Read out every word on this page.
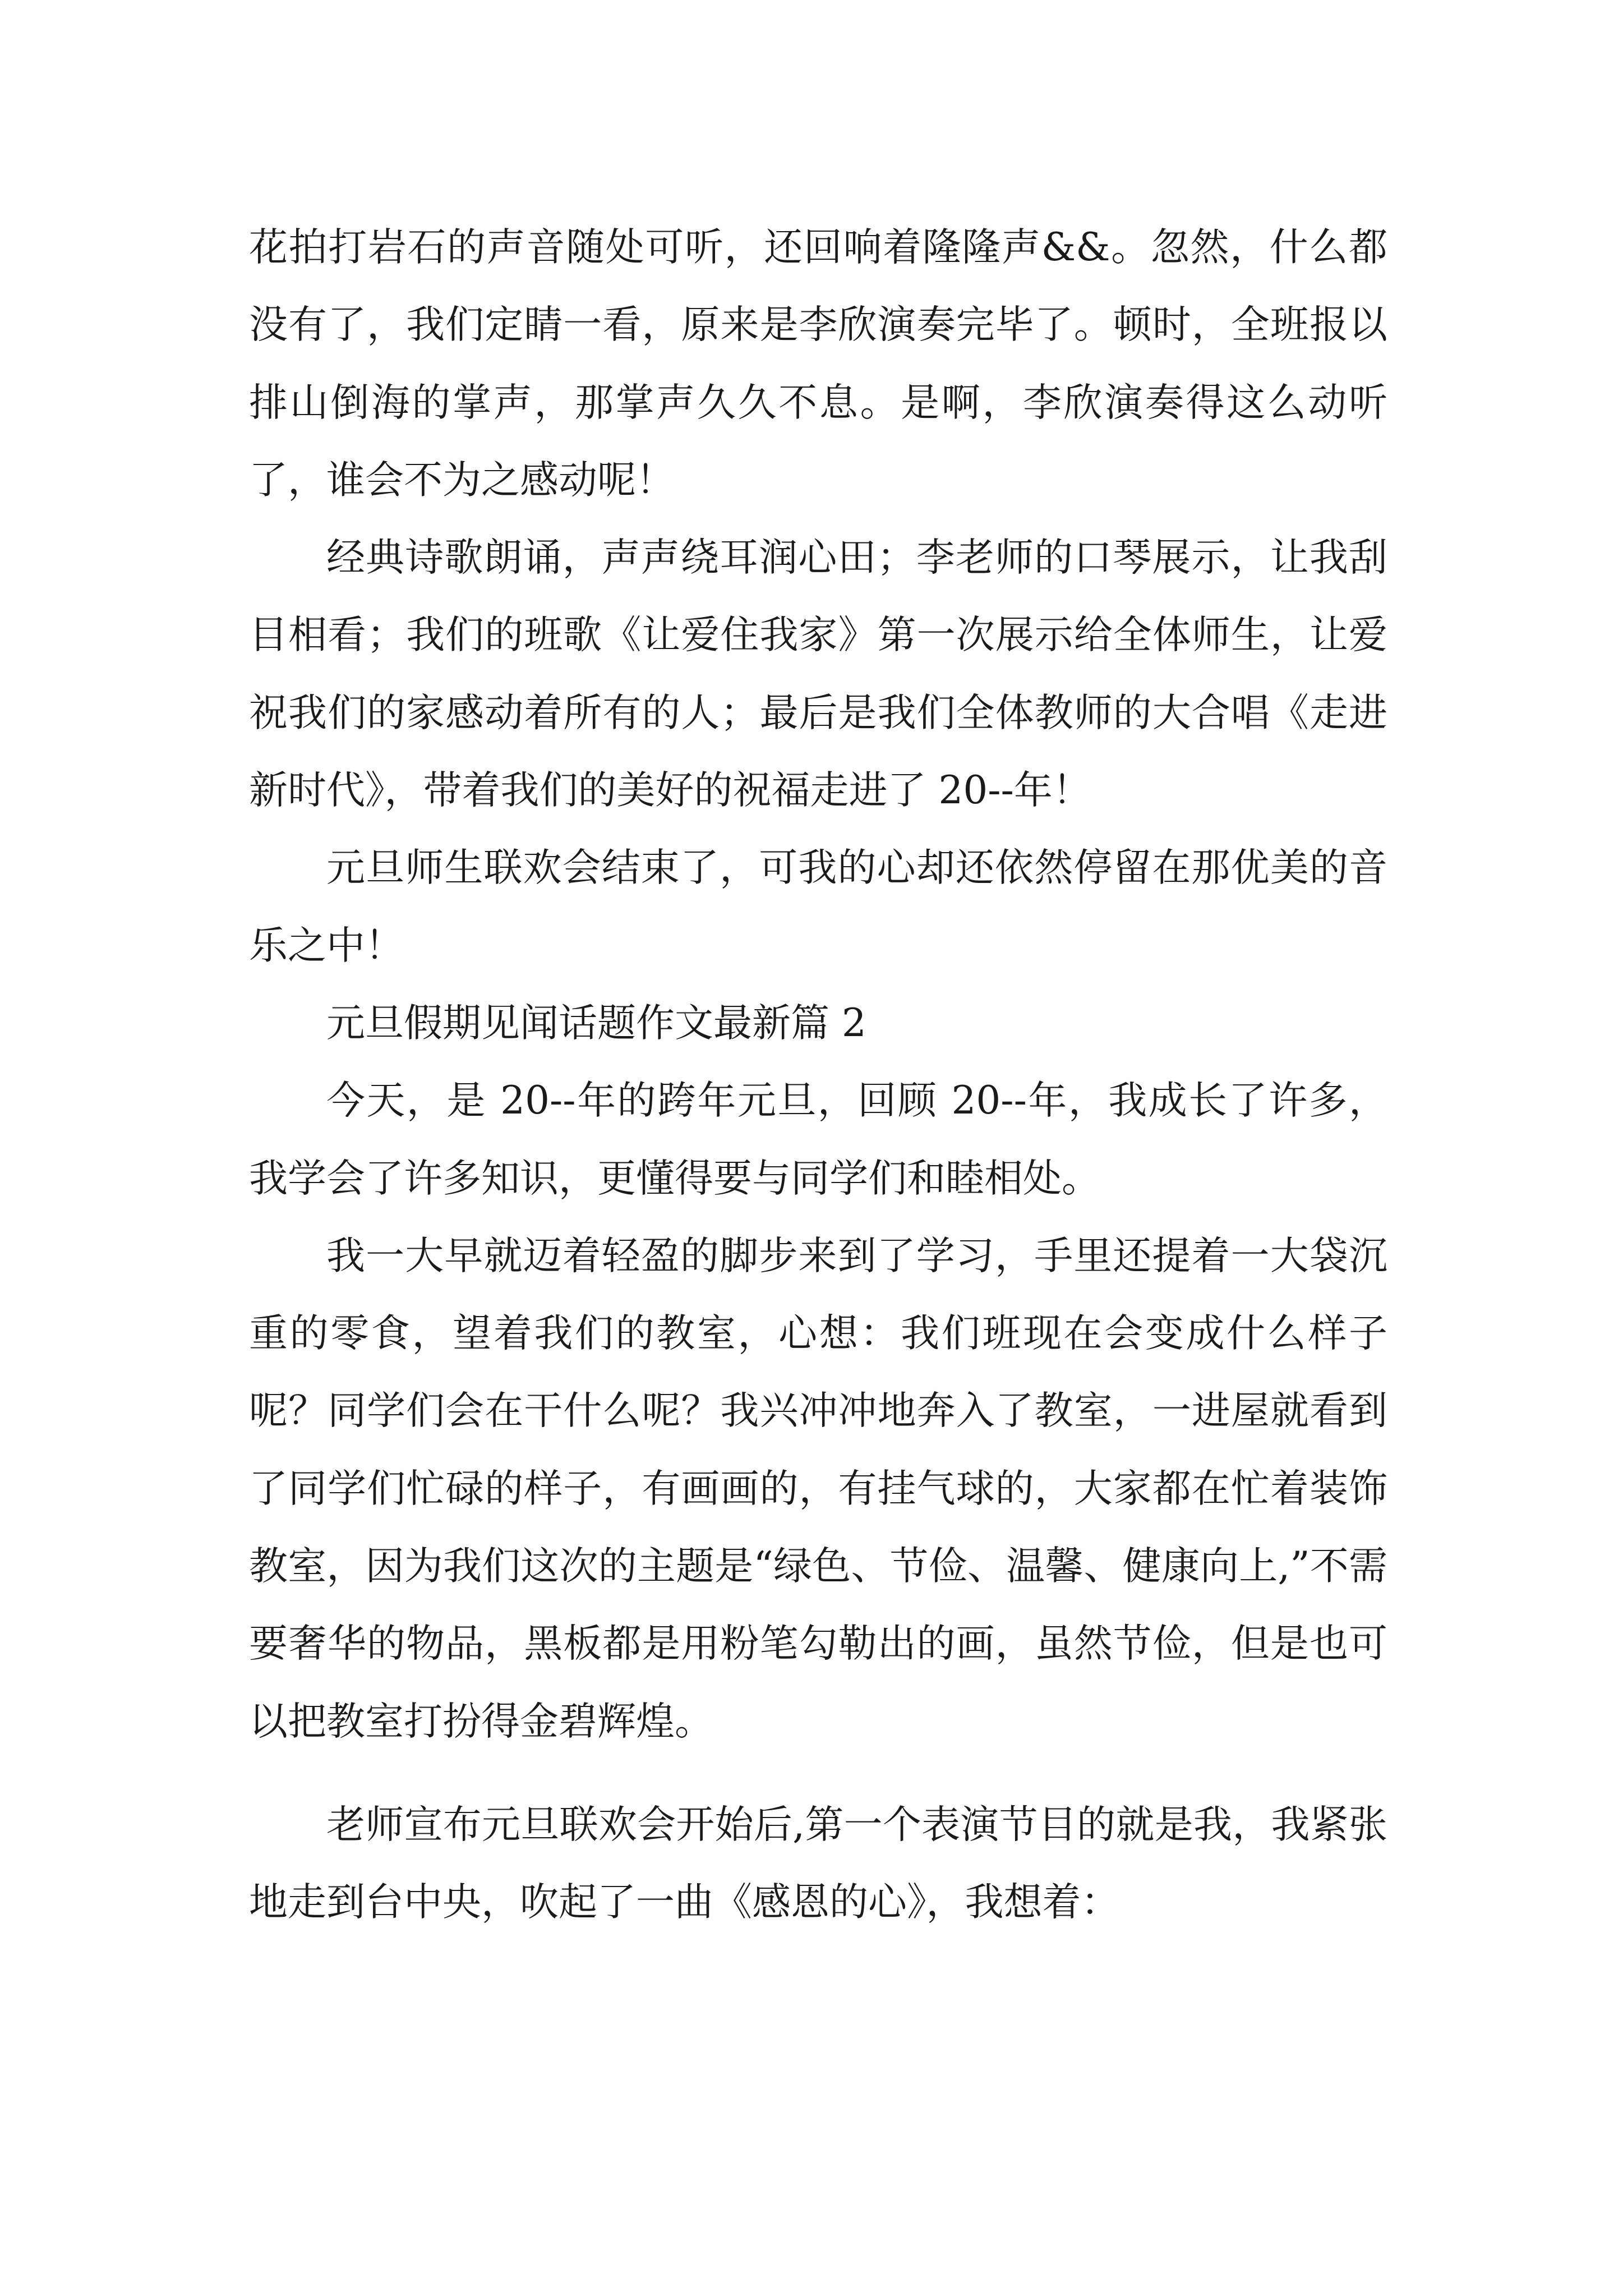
花拍打岩石的声音随处可听，还回响着隆隆声&&。忽然，什么都没有了，我们定睛一看，原来是李欣演奏完毕了。顿时，全班报以排山倒海的掌声，那掌声久久不息。是啊，李欣演奏得这么动听了，谁会不为之感动呢！

经典诗歌朗诵，声声绕耳润心田；李老师的口琴展示，让我刮目相看；我们的班歌《让爱住我家》第一次展示给全体师生，让爱祝我们的家感动着所有的人；最后是我们全体教师的大合唱《走进新时代》，带着我们的美好的祝福走进了 20--年！

元旦师生联欢会结束了，可我的心却还依然停留在那优美的音乐之中！

元旦假期见闻话题作文最新篇 2

今天，是 20--年的跨年元旦，回顾 20--年，我成长了许多，我学会了许多知识，更懂得要与同学们和睦相处。

我一大早就迈着轻盈的脚步来到了学习，手里还提着一大袋沉重的零食，望着我们的教室，心想：我们班现在会变成什么样子呢？同学们会在干什么呢？我兴冲冲地奔入了教室，一进屋就看到了同学们忙碌的样子，有画画的，有挂气球的，大家都在忙着装饰教室，因为我们这次的主题是“绿色、节俭、温馨、健康向上,”不需要奢华的物品，黑板都是用粉笔勾勒出的画，虽然节俭，但是也可以把教室打扮得金碧辉煌。

老师宣布元旦联欢会开始后,第一个表演节目的就是我，我紧张地走到台中央，吹起了一曲《感恩的心》，我想着：
